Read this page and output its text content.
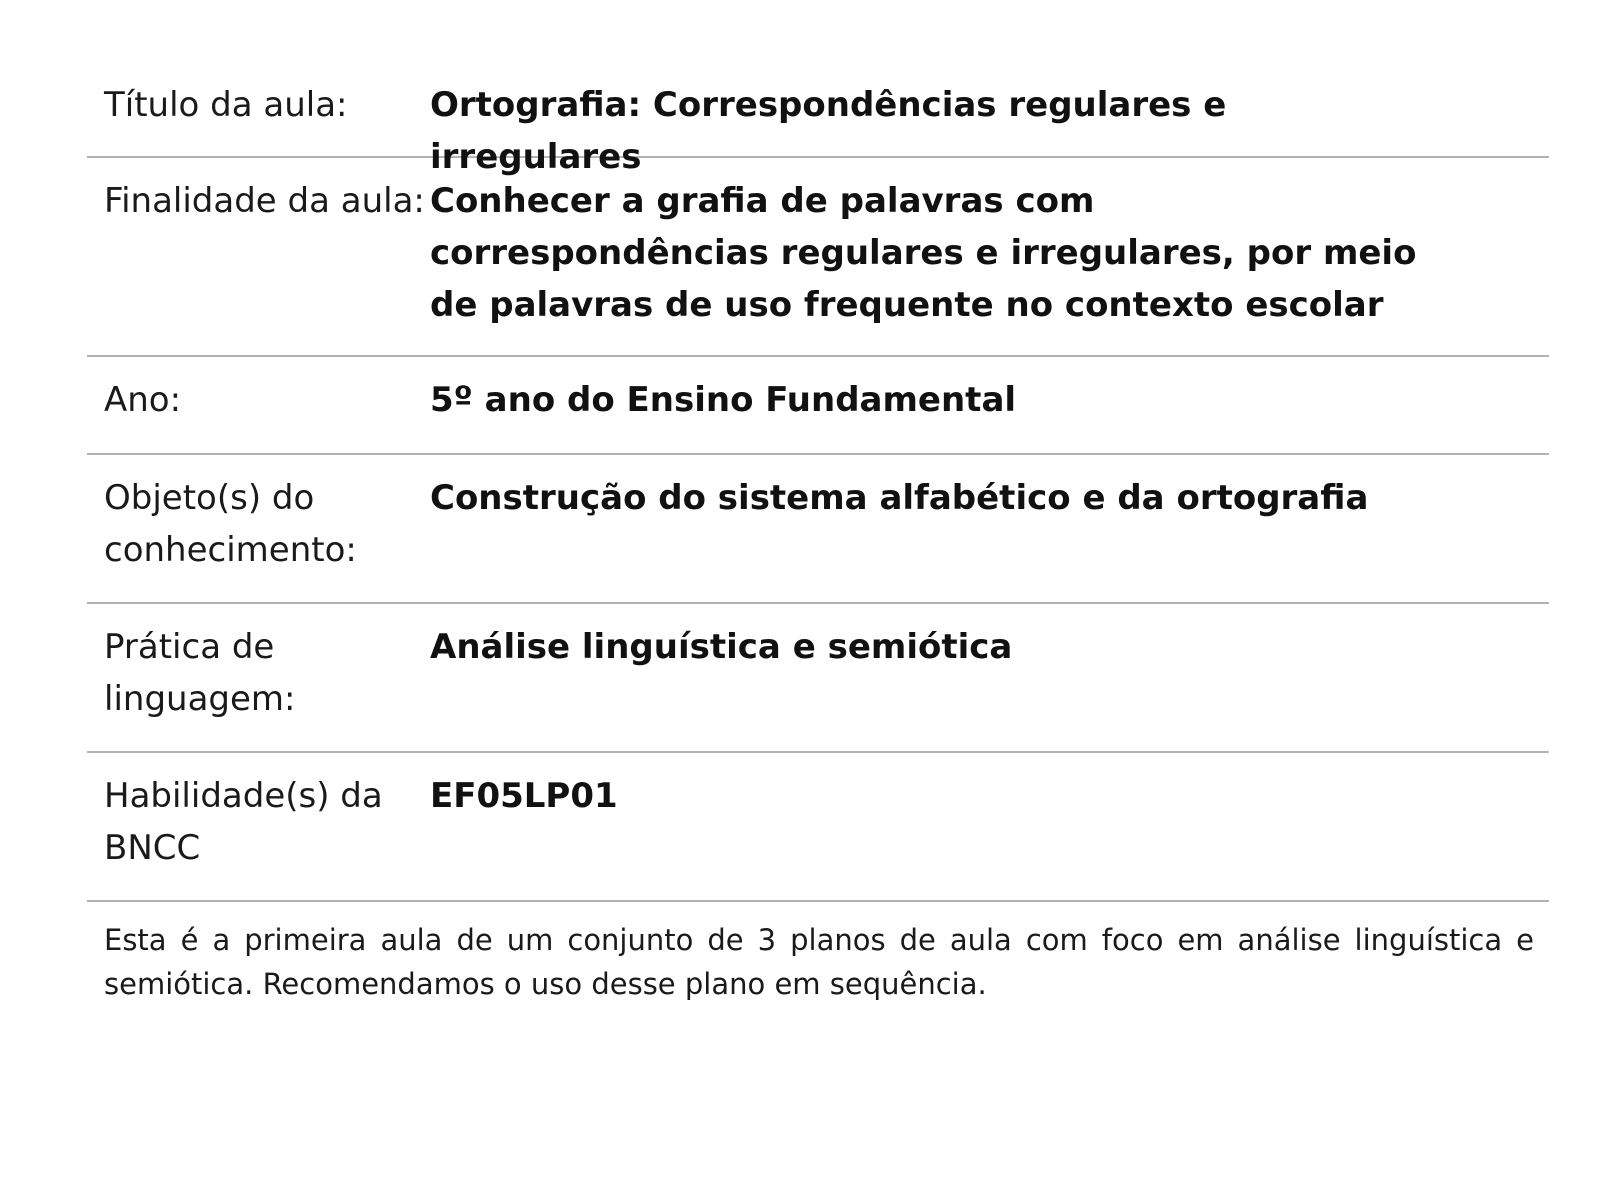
Título da aula:	Ortografia: Correspondências regulares e irregulares
Finalidade da aula: Conhecer a grafia de palavras com correspondências regulares e irregulares, por meio de palavras de uso frequente no contexto escolar
Ano:	5º ano do Ensino Fundamental
Objeto(s) do conhecimento:
Construção do sistema alfabético e da ortografia
Prática de linguagem:
Análise linguística e semiótica
Habilidade(s) da BNCC
EF05LP01
Esta é a primeira aula de um conjunto de 3 planos de aula com foco em análise linguística e semiótica. Recomendamos o uso desse plano em sequência.
